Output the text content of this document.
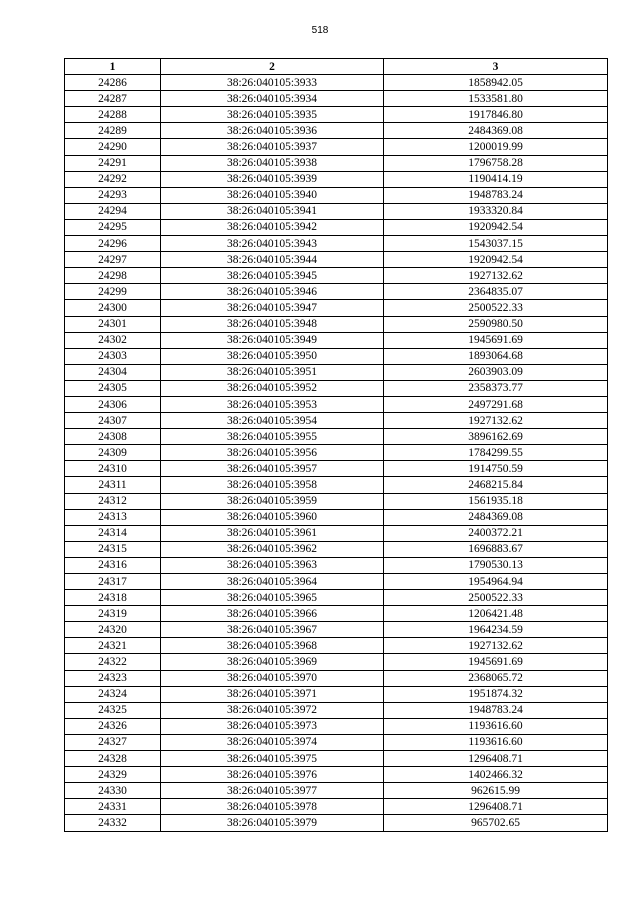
518
1	2	3
24286	38:26:040105:3933	1858942.05
24287	38:26:040105:3934	1533581.80
24288	38:26:040105:3935	1917846.80
24289	38:26:040105:3936	2484369.08
24290	38:26:040105:3937	1200019.99
24291	38:26:040105:3938	1796758.28
24292	38:26:040105:3939	1190414.19
24293	38:26:040105:3940	1948783.24
24294	38:26:040105:3941	1933320.84
24295	38:26:040105:3942	1920942.54
24296	38:26:040105:3943	1543037.15
24297	38:26:040105:3944	1920942.54
24298	38:26:040105:3945	1927132.62
24299	38:26:040105:3946	2364835.07
24300	38:26:040105:3947	2500522.33
24301	38:26:040105:3948	2590980.50
24302	38:26:040105:3949	1945691.69
24303	38:26:040105:3950	1893064.68
24304	38:26:040105:3951	2603903.09
24305	38:26:040105:3952	2358373.77
24306	38:26:040105:3953	2497291.68
24307	38:26:040105:3954	1927132.62
24308	38:26:040105:3955	3896162.69
24309	38:26:040105:3956	1784299.55
24310	38:26:040105:3957	1914750.59
24311	38:26:040105:3958	2468215.84
24312	38:26:040105:3959	1561935.18
24313	38:26:040105:3960	2484369.08
24314	38:26:040105:3961	2400372.21
24315	38:26:040105:3962	1696883.67
24316	38:26:040105:3963	1790530.13
24317	38:26:040105:3964	1954964.94
24318	38:26:040105:3965	2500522.33
24319	38:26:040105:3966	1206421.48
24320	38:26:040105:3967	1964234.59
24321	38:26:040105:3968	1927132.62
24322	38:26:040105:3969	1945691.69
24323	38:26:040105:3970	2368065.72
24324	38:26:040105:3971	1951874.32
24325	38:26:040105:3972	1948783.24
24326	38:26:040105:3973	1193616.60
24327	38:26:040105:3974	1193616.60
24328	38:26:040105:3975	1296408.71
24329	38:26:040105:3976	1402466.32
24330	38:26:040105:3977	962615.99
24331	38:26:040105:3978	1296408.71
24332	38:26:040105:3979	965702.65
